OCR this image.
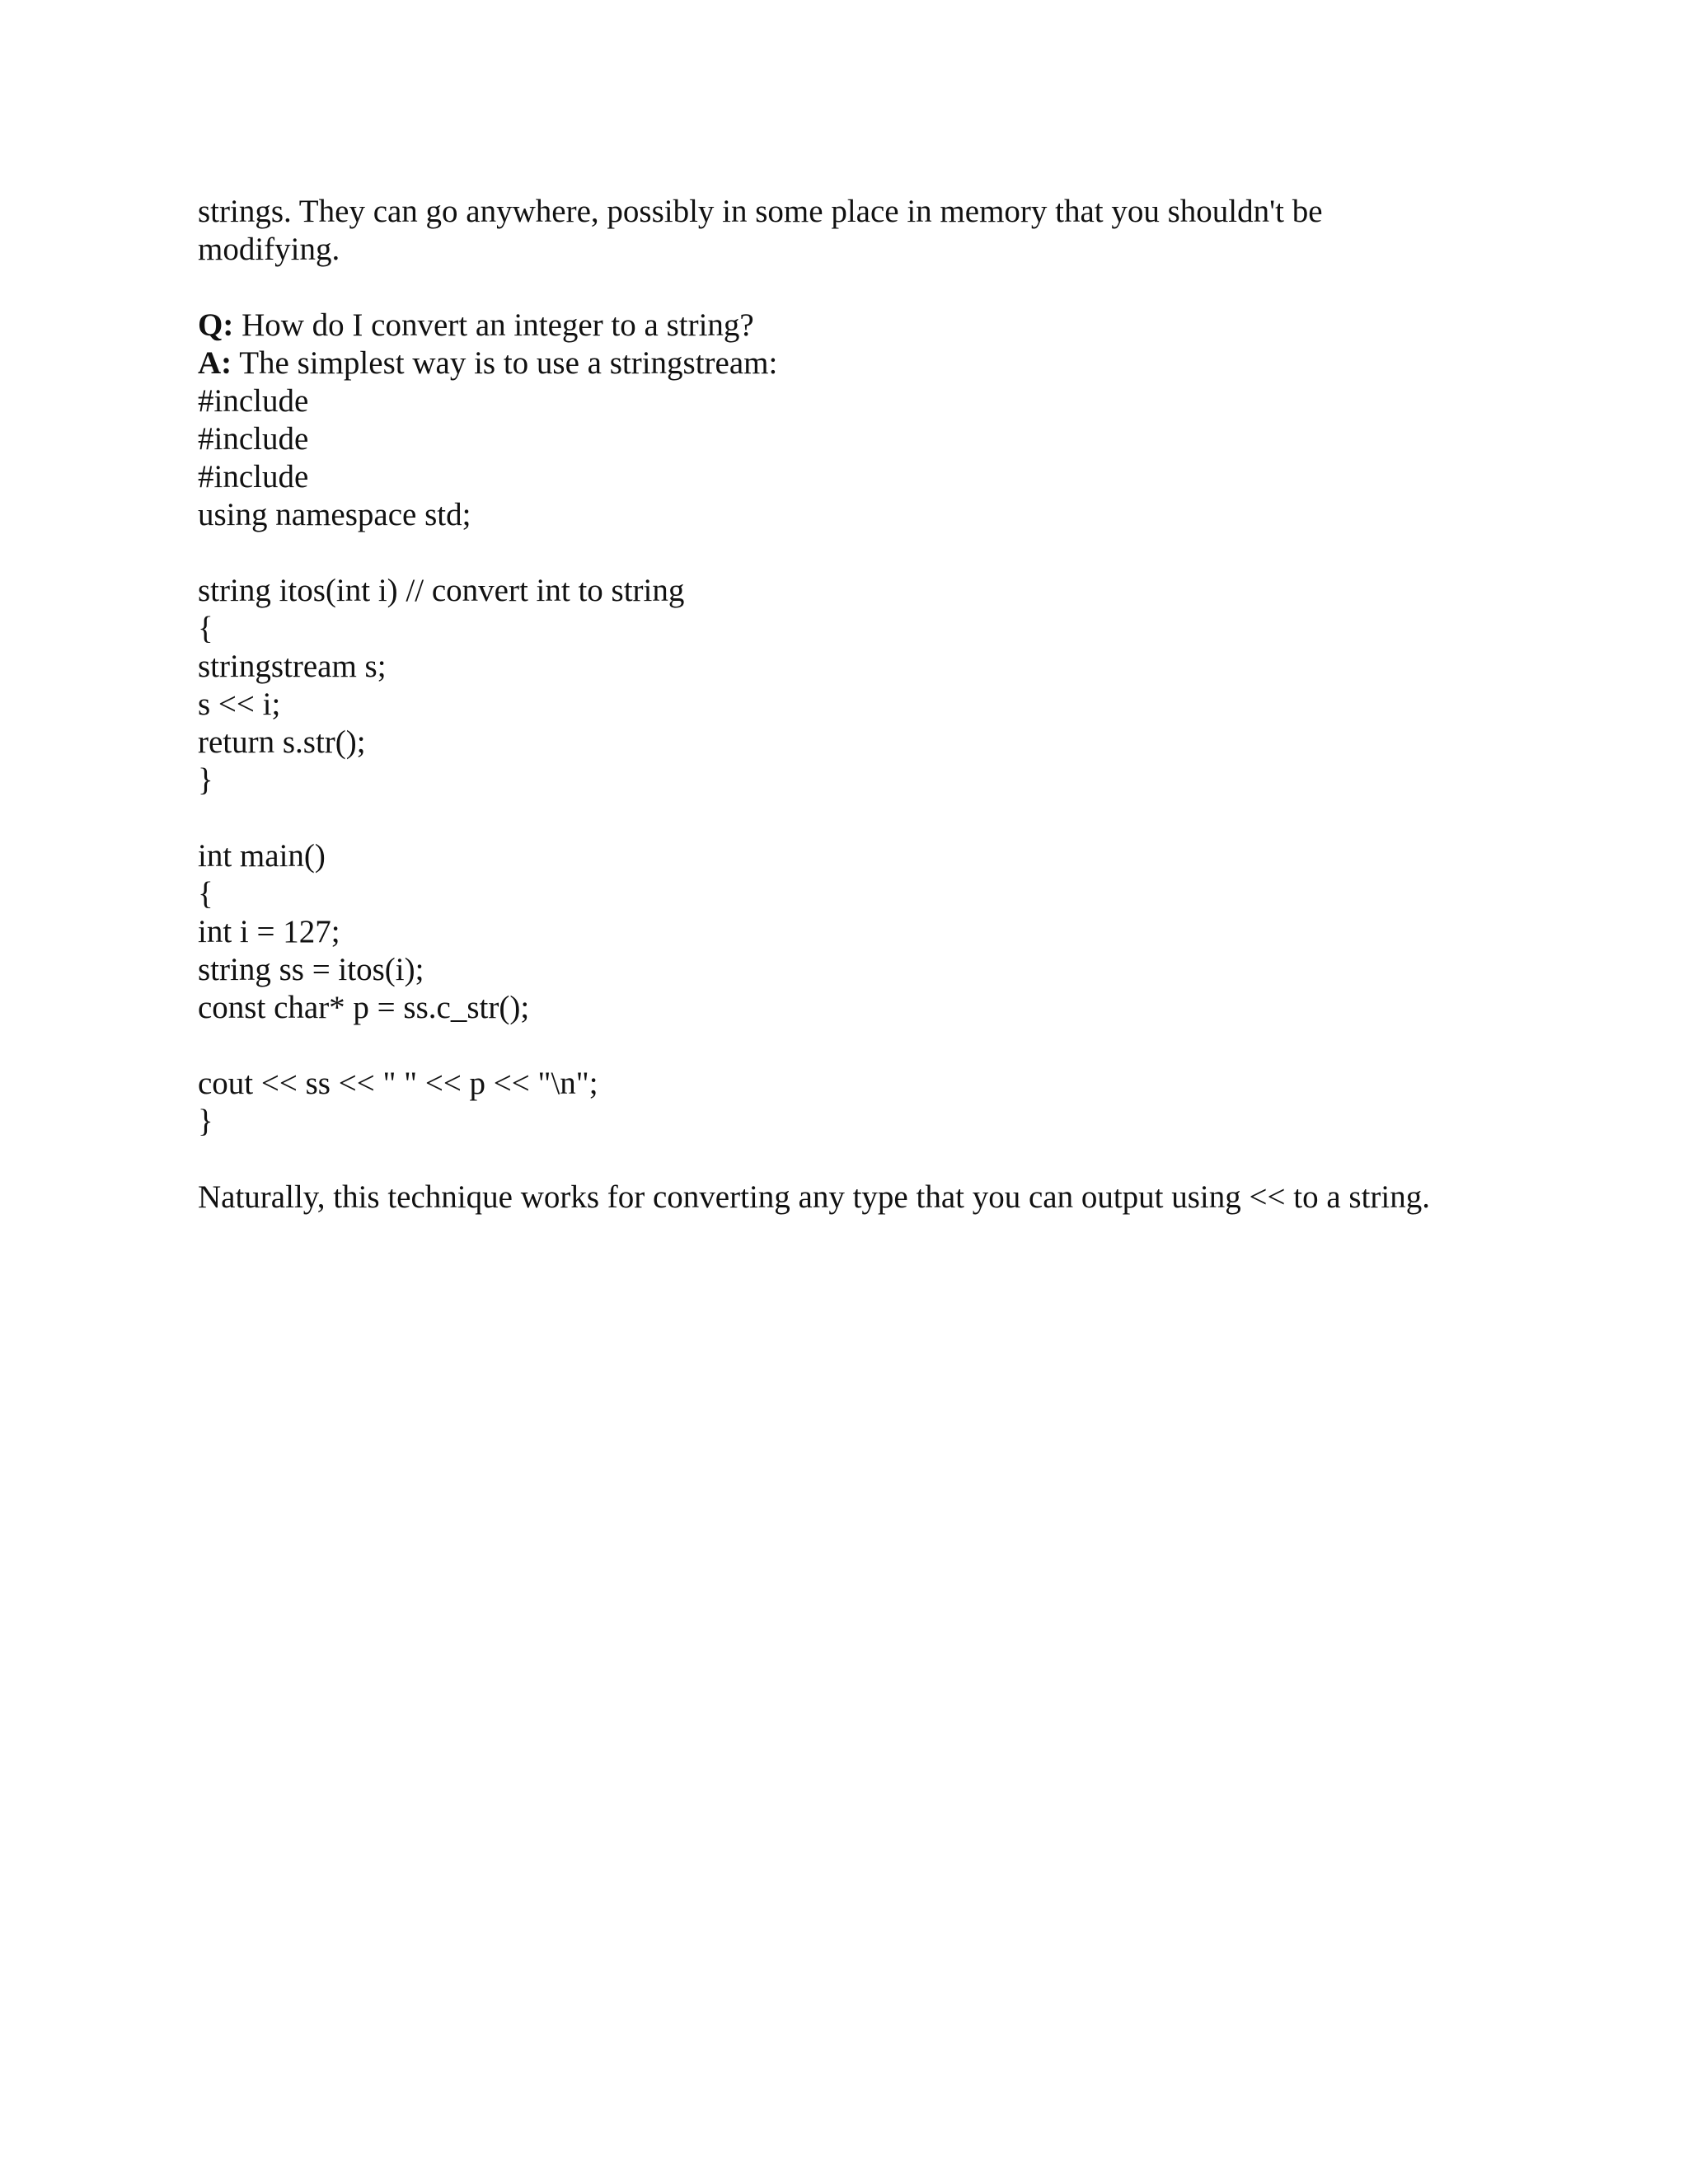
strings. They can go anywhere, possibly in some place in memory that you shouldn't be
modifying.
Q: How do I convert an integer to a string?
A: The simplest way is to use a stringstream:
#include
#include
#include
using namespace std;
string itos(int i) // convert int to string
{
stringstream s;
s << i;
return s.str();
}
int main()
{
int i = 127;
string ss = itos(i);
const char* p = ss.c_str();
cout << ss << " " << p << "\n";
}
Naturally, this technique works for converting any type that you can output using << to a string.
